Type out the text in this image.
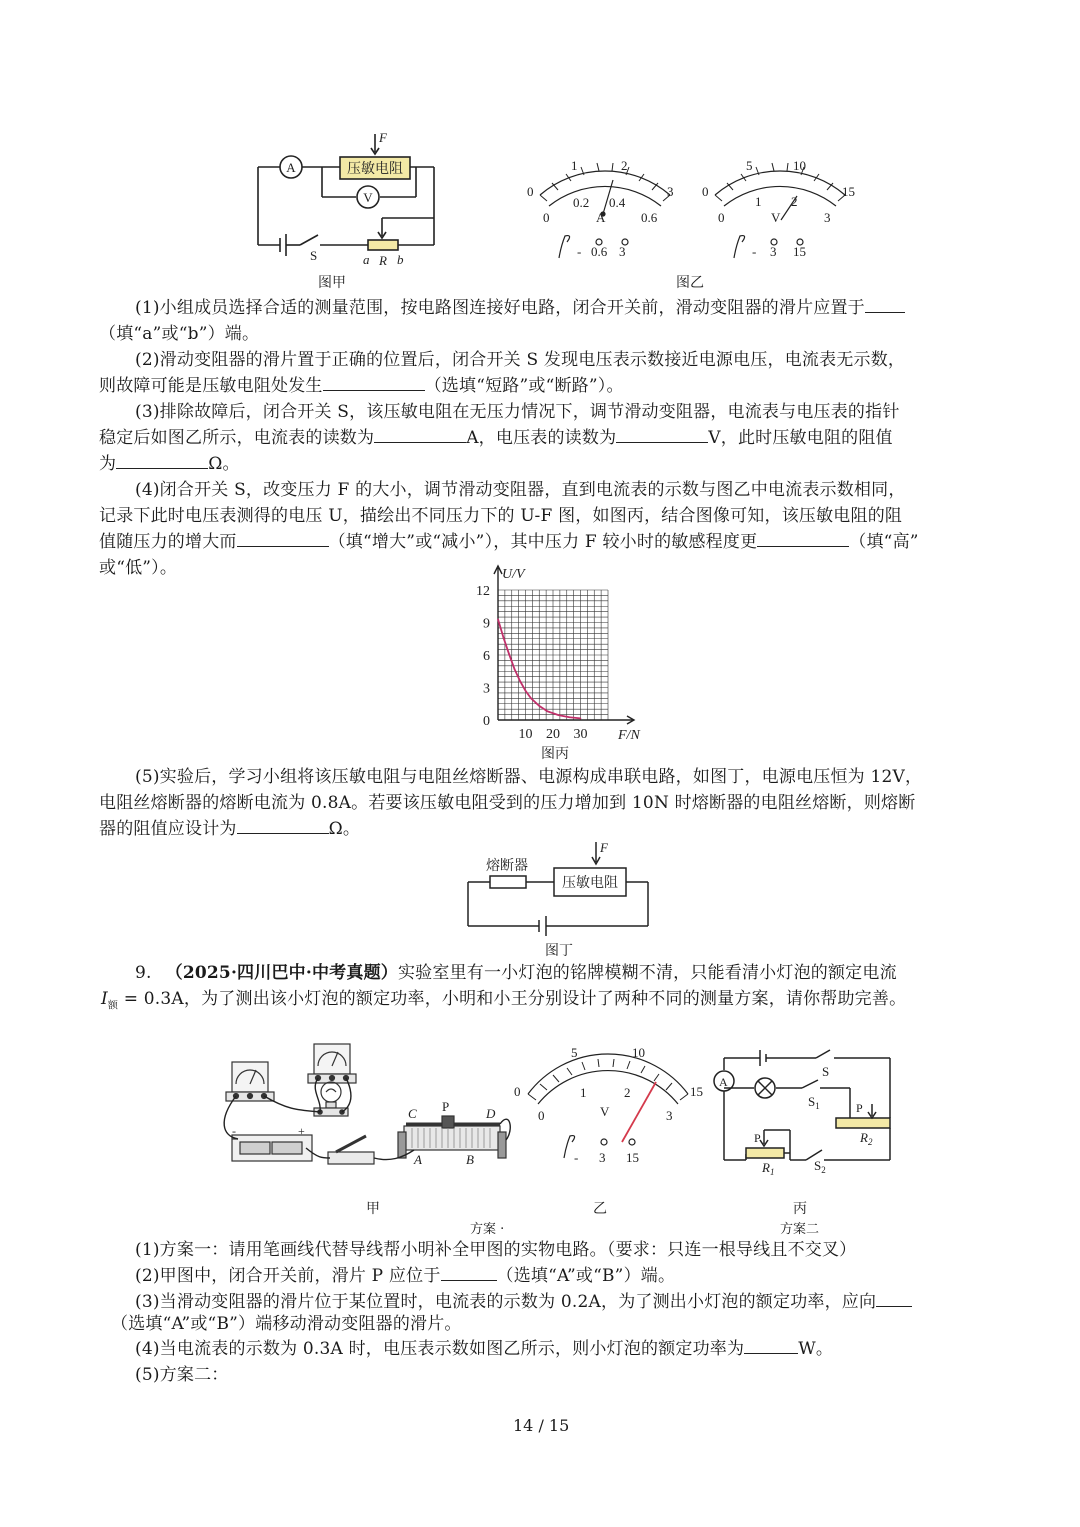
A
V
压敏电阻
F
S	a R b
图甲
0
1	2
3
0
0.2 0.4
0.6
A
- 0.6 3
0
5	10
15
0
1 2
3
V
- 3 15
图乙
(1)小组成员选择合适的测量范围，按电路图连接好电路，闭合开关前，滑动变阻器的滑片应置于
（填“a”或“b”）端。
(2)滑动变阻器的滑片置于正确的位置后，闭合开关 S 发现电压表示数接近电源电压，电流表无示数，
则故障可能是压敏电阻处发生	（选填“短路”或“断路”）。
(3)排除故障后，闭合开关 S，该压敏电阻在无压力情况下，调节滑动变阻器，电流表与电压表的指针
稳定后如图乙所示，电流表的读数为	A，电压表的读数为	V，此时压敏电阻的阻值
为	Ω。
(4)闭合开关 S，改变压力 F 的大小，调节滑动变阻器，直到电流表的示数与图乙中电流表示数相同，
记录下此时电压表测得的电压 U，描绘出不同压力下的 U-F 图，如图丙，结合图像可知，该压敏电阻的阻
值随压力的增大而	（填“增大”或“减小”），其中压力 F 较小时的敏感程度更	（填“高”
或“低”）。
12
9
6
3
0
10 20 30
U/V
F/N
图丙
(5)实验后，学习小组将该压敏电阻与电阻丝熔断器、电源构成串联电路，如图丁，电源电压恒为 12V，
电阻丝熔断器的熔断电流为 0.8A。若要该压敏电阻受到的压力增加到 10N 时熔断器的电阻丝熔断，则熔断
器的阻值应设计为	Ω。
熔断器
压敏电阻
F
图丁
9. （2025·四川巴中·中考真题）实验室里有一小灯泡的铭牌模糊不清，只能看清小灯泡的额定电流
$I_额 = 0.3A$，为了测出该小灯泡的额定功率，小明和小王分别设计了两种不同的测量方案，请你帮助完善。
-	+
C P	D
A	B
0
5	10
15
0
1	2
3
V
- 3 15
A
S
$S_1$
$S_2$
P
P	$R_2$
$R_1$
甲	乙	丙
方案 ·	方案二
(1)方案一：请用笔画线代替导线帮小明补全甲图的实物电路。（要求：只连一根导线且不交叉）
(2)甲图中，闭合开关前，滑片 P 应位于	（选填“A”或“B”）端。
(3)当滑动变阻器的滑片位于某位置时，电流表的示数为 0.2A，为了测出小灯泡的额定功率，应向
（选填“A”或“B”）端移动滑动变阻器的滑片。
(4)当电流表的示数为 0.3A 时，电压表示数如图乙所示，则小灯泡的额定功率为	W。
(5)方案二：
14 / 15
